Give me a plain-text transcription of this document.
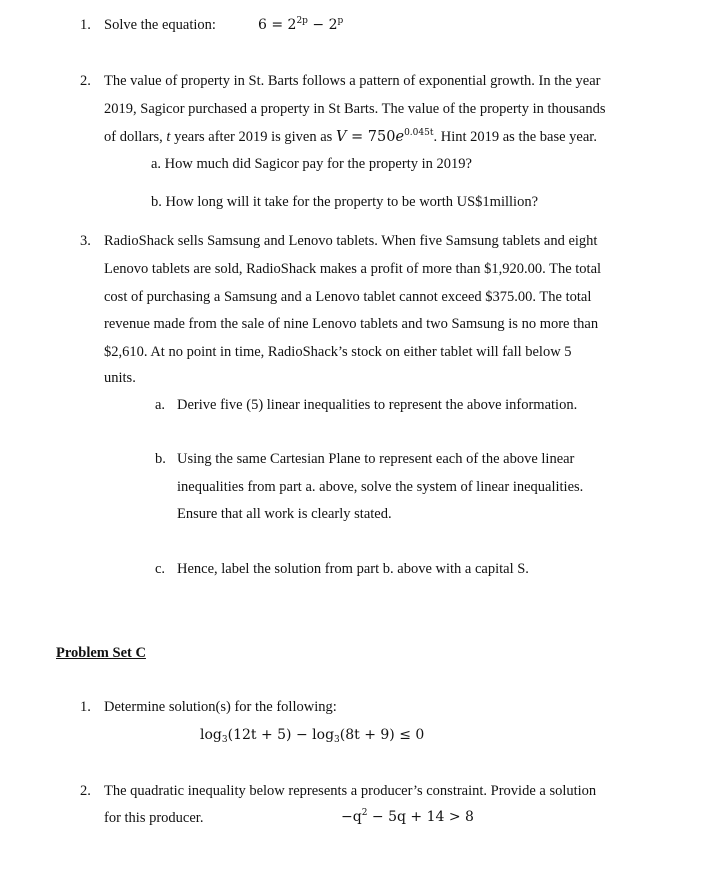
1. Solve the equation:	$6 = 2^{2p} - 2^p$
2. The value of property in St. Barts follows a pattern of exponential growth. In the year
2019, Sagicor purchased a property in St Barts. The value of the property in thousands
of dollars, t years after 2019 is given as $V = 750e^{0.045t}$. Hint 2019 as the base year.
a. How much did Sagicor pay for the property in 2019?
b. How long will it take for the property to be worth US$1million?
3. RadioShack sells Samsung and Lenovo tablets. When five Samsung tablets and eight
Lenovo tablets are sold, RadioShack makes a profit of more than $1,920.00. The total
cost of purchasing a Samsung and a Lenovo tablet cannot exceed $375.00. The total
revenue made from the sale of nine Lenovo tablets and two Samsung is no more than
$2,610. At no point in time, RadioShack’s stock on either tablet will fall below 5
units.
a. Derive five (5) linear inequalities to represent the above information.
b. Using the same Cartesian Plane to represent each of the above linear
inequalities from part a. above, solve the system of linear inequalities.
Ensure that all work is clearly stated.
c. Hence, label the solution from part b. above with a capital S.
Problem Set C
1. Determine solution(s) for the following:
$\log_3(12t + 5) - \log_3(8t + 9) \le 0$
2. The quadratic inequality below represents a producer’s constraint. Provide a solution
for this producer.	$-q^2 - 5q + 14 > 8$
